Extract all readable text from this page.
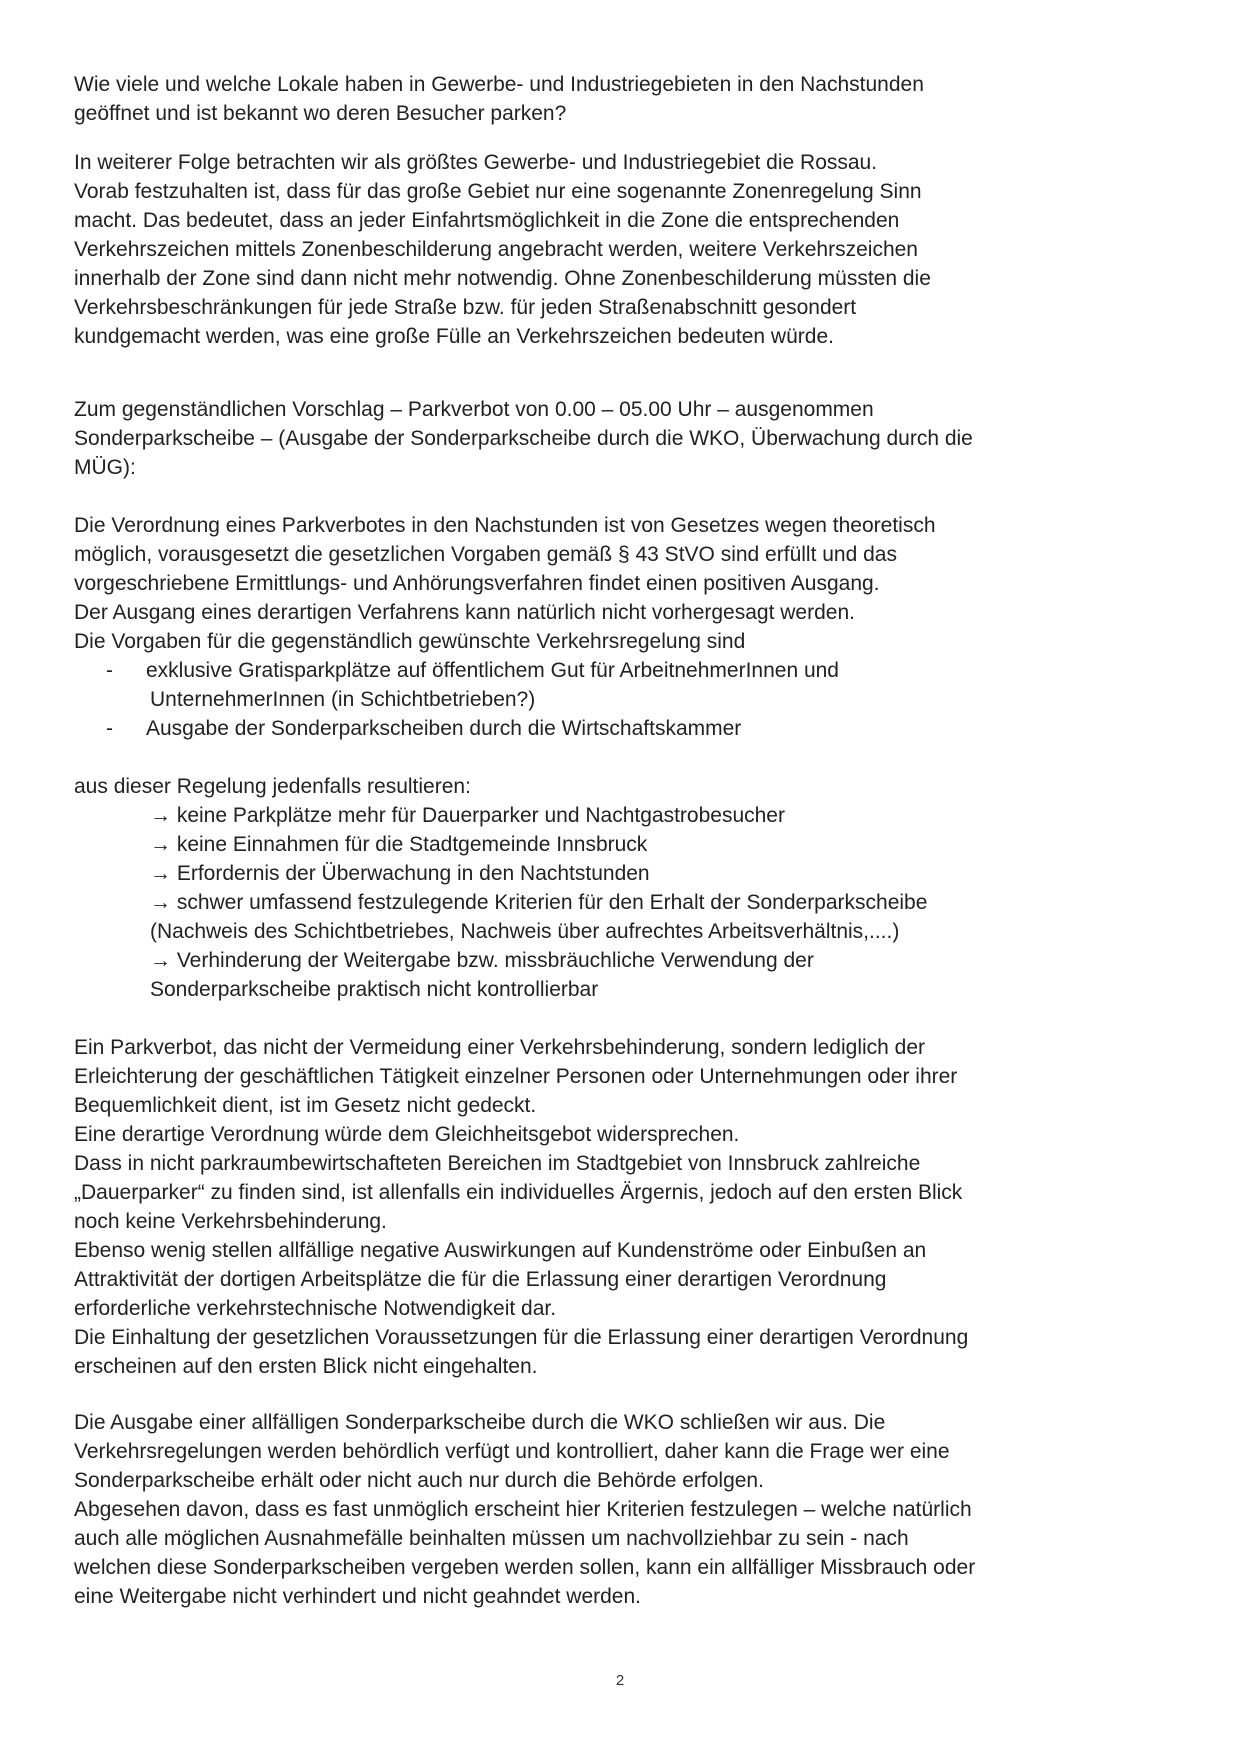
Wie viele und welche Lokale haben in Gewerbe- und Industriegebieten in den Nachstunden
geöffnet und ist bekannt wo deren Besucher parken?

In weiterer Folge betrachten wir als größtes Gewerbe- und Industriegebiet die Rossau.
Vorab festzuhalten ist, dass für das große Gebiet nur eine sogenannte Zonenregelung Sinn
macht. Das bedeutet, dass an jeder Einfahrtsmöglichkeit in die Zone die entsprechenden
Verkehrszeichen mittels Zonenbeschilderung angebracht werden, weitere Verkehrszeichen
innerhalb der Zone sind dann nicht mehr notwendig. Ohne Zonenbeschilderung müssten die
Verkehrsbeschränkungen für jede Straße bzw. für jeden Straßenabschnitt gesondert
kundgemacht werden, was eine große Fülle an Verkehrszeichen bedeuten würde.

Zum gegenständlichen Vorschlag – Parkverbot von 0.00 – 05.00 Uhr – ausgenommen
Sonderparkscheibe – (Ausgabe der Sonderparkscheibe durch die WKO, Überwachung durch die
MÜG):

Die Verordnung eines Parkverbotes in den Nachstunden ist von Gesetzes wegen theoretisch
möglich, vorausgesetzt die gesetzlichen Vorgaben gemäß § 43 StVO sind erfüllt und das
vorgeschriebene Ermittlungs- und Anhörungsverfahren findet einen positiven Ausgang.
Der Ausgang eines derartigen Verfahrens kann natürlich nicht vorhergesagt werden.
Die Vorgaben für die gegenständlich gewünschte Verkehrsregelung sind
- exklusive Gratisparkplätze auf öffentlichem Gut für ArbeitnehmerInnen und
UnternehmerInnen (in Schichtbetrieben?)
- Ausgabe der Sonderparkscheiben durch die Wirtschaftskammer

aus dieser Regelung jedenfalls resultieren:
→ keine Parkplätze mehr für Dauerparker und Nachtgastrobesucher
→ keine Einnahmen für die Stadtgemeinde Innsbruck
→ Erfordernis der Überwachung in den Nachtstunden
→ schwer umfassend festzulegende Kriterien für den Erhalt der Sonderparkscheibe
(Nachweis des Schichtbetriebes, Nachweis über aufrechtes Arbeitsverhältnis,....)
→ Verhinderung der Weitergabe bzw. missbräuchliche Verwendung der
Sonderparkscheibe praktisch nicht kontrollierbar

Ein Parkverbot, das nicht der Vermeidung einer Verkehrsbehinderung, sondern lediglich der
Erleichterung der geschäftlichen Tätigkeit einzelner Personen oder Unternehmungen oder ihrer
Bequemlichkeit dient, ist im Gesetz nicht gedeckt.
Eine derartige Verordnung würde dem Gleichheitsgebot widersprechen.
Dass in nicht parkraumbewirtschafteten Bereichen im Stadtgebiet von Innsbruck zahlreiche
„Dauerparker“ zu finden sind, ist allenfalls ein individuelles Ärgernis, jedoch auf den ersten Blick
noch keine Verkehrsbehinderung.
Ebenso wenig stellen allfällige negative Auswirkungen auf Kundenströme oder Einbußen an
Attraktivität der dortigen Arbeitsplätze die für die Erlassung einer derartigen Verordnung
erforderliche verkehrstechnische Notwendigkeit dar.
Die Einhaltung der gesetzlichen Voraussetzungen für die Erlassung einer derartigen Verordnung
erscheinen auf den ersten Blick nicht eingehalten.

Die Ausgabe einer allfälligen Sonderparkscheibe durch die WKO schließen wir aus. Die
Verkehrsregelungen werden behördlich verfügt und kontrolliert, daher kann die Frage wer eine
Sonderparkscheibe erhält oder nicht auch nur durch die Behörde erfolgen.
Abgesehen davon, dass es fast unmöglich erscheint hier Kriterien festzulegen – welche natürlich
auch alle möglichen Ausnahmefälle beinhalten müssen um nachvollziehbar zu sein - nach
welchen diese Sonderparkscheiben vergeben werden sollen, kann ein allfälliger Missbrauch oder
eine Weitergabe nicht verhindert und nicht geahndet werden.

2
